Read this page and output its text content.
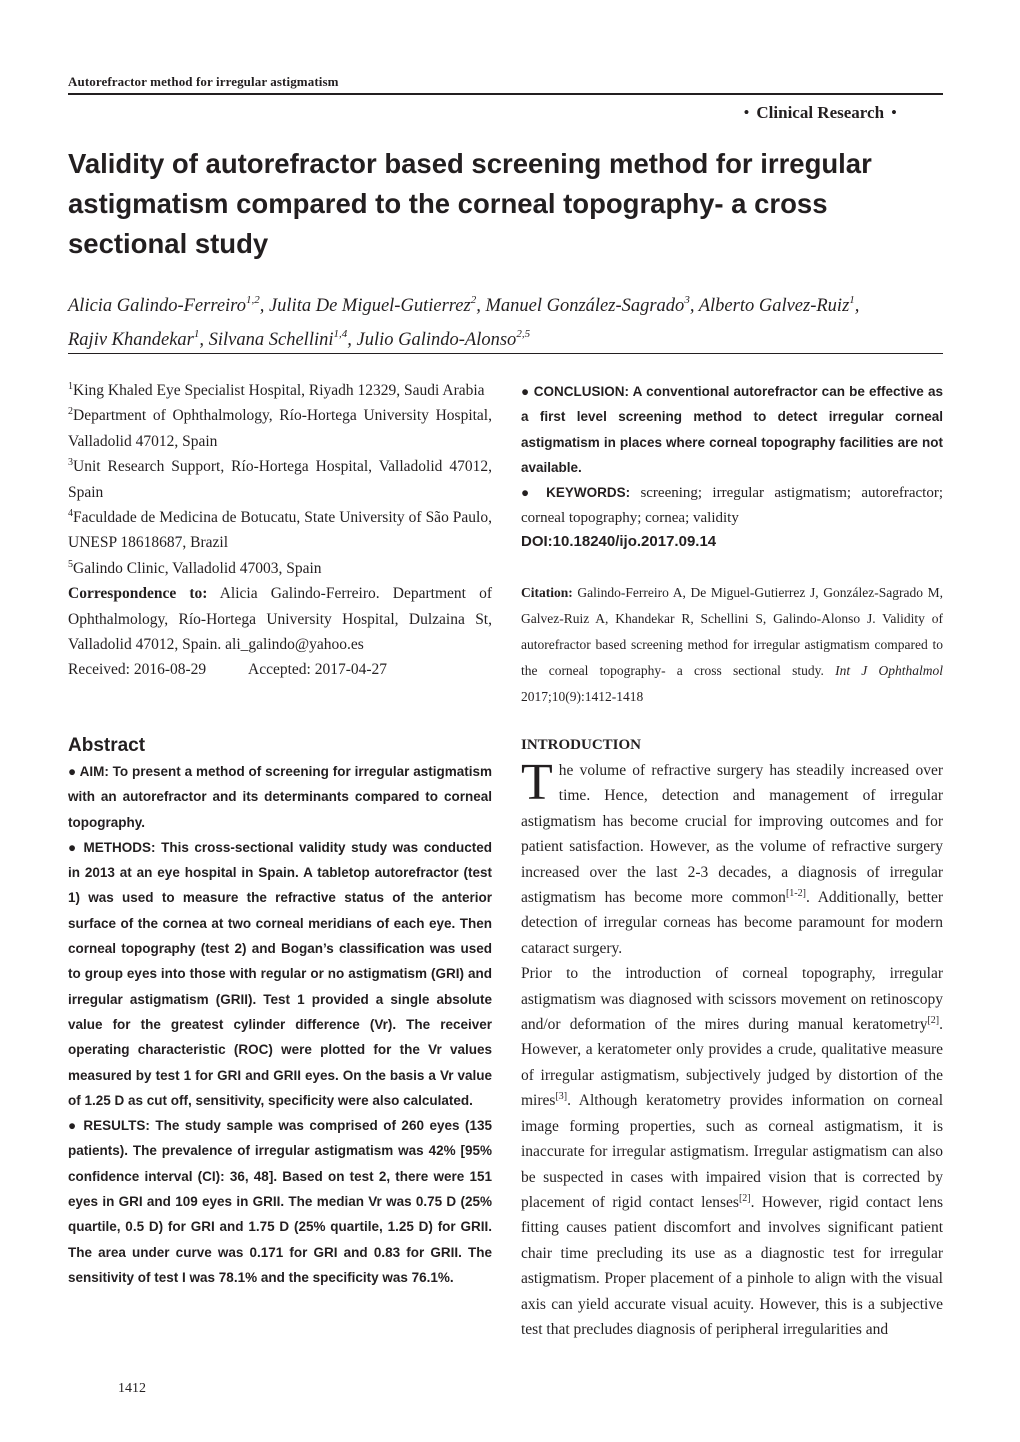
Autorefractor method for irregular astigmatism
• Clinical Research •
Validity of autorefractor based screening method for irregular astigmatism compared to the corneal topography- a cross sectional study
Alicia Galindo-Ferreiro$^{1,2}$, Julita De Miguel-Gutierrez$^2$, Manuel González-Sagrado$^3$, Alberto Galvez-Ruiz$^1$,
Rajiv Khandekar$^1$, Silvana Schellini$^{1,4}$, Julio Galindo-Alonso$^{2,5}$

$^1$King Khaled Eye Specialist Hospital, Riyadh 12329, Saudi Arabia

$^2$Department of Ophthalmology, Río-Hortega University Hospital, Valladolid 47012, Spain

$^3$Unit Research Support, Río-Hortega Hospital, Valladolid 47012, Spain

$^4$Faculdade de Medicina de Botucatu, State University of São Paulo, UNESP 18618687, Brazil

$^5$Galindo Clinic, Valladolid 47003, Spain

Correspondence to: Alicia Galindo-Ferreiro. Department of Ophthalmology, Río-Hortega University Hospital, Dulzaina St, Valladolid 47012, Spain. ali_galindo@yahoo.es

Received: 2016-08-29	Accepted: 2017-04-27

● CONCLUSION: A conventional autorefractor can be effective as a first level screening method to detect irregular corneal astigmatism in places where corneal topography facilities are not available.
● KEYWORDS: screening; irregular astigmatism; autorefractor; corneal topography; cornea; validity
DOI:10.18240/ijo.2017.09.14
Citation: Galindo-Ferreiro A, De Miguel-Gutierrez J, González-Sagrado M, Galvez-Ruiz A, Khandekar R, Schellini S, Galindo-Alonso J. Validity of autorefractor based screening method for irregular astigmatism compared to the corneal topography- a cross sectional study. Int J Ophthalmol 2017;10(9):1412-1418
Abstract

● AIM: To present a method of screening for irregular astigmatism with an autorefractor and its determinants compared to corneal topography.

● METHODS: This cross-sectional validity study was conducted in 2013 at an eye hospital in Spain. A tabletop autorefractor (test 1) was used to measure the refractive status of the anterior surface of the cornea at two corneal meridians of each eye. Then corneal topography (test 2) and Bogan’s classification was used to group eyes into those with regular or no astigmatism (GRI) and irregular astigmatism (GRII). Test 1 provided a single absolute value for the greatest cylinder difference (Vr). The receiver operating characteristic (ROC) were plotted for the Vr values measured by test 1 for GRI and GRII eyes. On the basis a Vr value of 1.25 D as cut off, sensitivity, specificity were also calculated.

● RESULTS: The study sample was comprised of 260 eyes (135 patients). The prevalence of irregular astigmatism was 42% [95% confidence interval (CI): 36, 48]. Based on test 2, there were 151 eyes in GRI and 109 eyes in GRII. The median Vr was 0.75 D (25% quartile, 0.5 D) for GRI and 1.75 D (25% quartile, 1.25 D) for GRII. The area under curve was 0.171 for GRI and 0.83 for GRII. The sensitivity of test I was 78.1% and the specificity was 76.1%.

INTRODUCTION

The volume of refractive surgery has steadily increased over time. Hence, detection and management of irregular astigmatism has become crucial for improving outcomes and for patient satisfaction. However, as the volume of refractive surgery increased over the last 2-3 decades, a diagnosis of irregular astigmatism has become more common[1-2]. Additionally, better detection of irregular corneas has become paramount for modern cataract surgery.

Prior to the introduction of corneal topography, irregular astigmatism was diagnosed with scissors movement on retinoscopy and/or deformation of the mires during manual keratometry[2]. However, a keratometer only provides a crude, qualitative measure of irregular astigmatism, subjectively judged by distortion of the mires[3]. Although keratometry provides information on corneal image forming properties, such as corneal astigmatism, it is inaccurate for irregular astigmatism. Irregular astigmatism can also be suspected in cases with impaired vision that is corrected by placement of rigid contact lenses[2]. However, rigid contact lens fitting causes patient discomfort and involves significant patient chair time precluding its use as a diagnostic test for irregular astigmatism. Proper placement of a pinhole to align with the visual axis can yield accurate visual acuity. However, this is a subjective test that precludes diagnosis of peripheral irregularities and

1412
